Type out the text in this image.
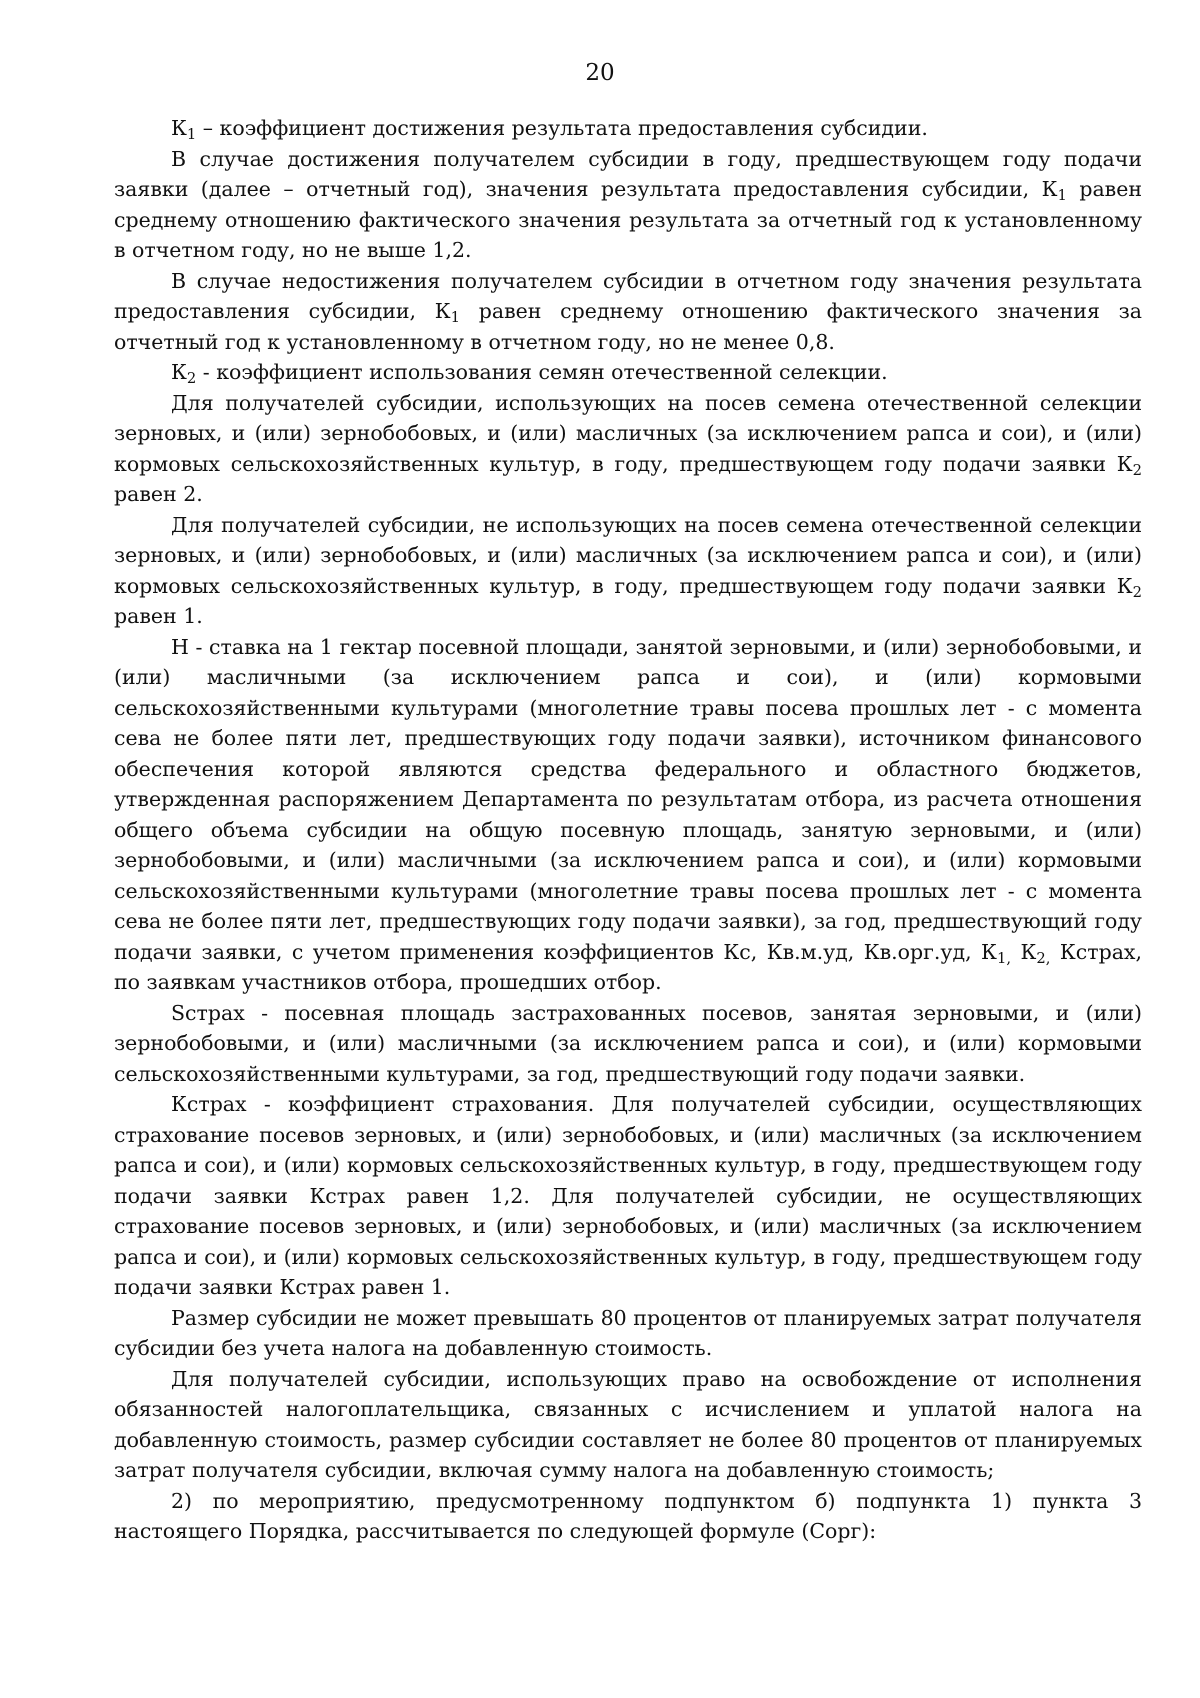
20

$К_1$ – коэффициент достижения результата предоставления субсидии.

В случае достижения получателем субсидии в году, предшествующем году подачи заявки (далее – отчетный год), значения результата предоставления субсидии, $К_1$ равен среднему отношению фактического значения результата за отчетный год к установленному в отчетном году, но не выше 1,2.

В случае недостижения получателем субсидии в отчетном году значения результата предоставления субсидии, $К_1$ равен среднему отношению фактического значения за отчетный год к установленному в отчетном году, но не менее 0,8.

$К_2$ - коэффициент использования семян отечественной селекции.

Для получателей субсидии, использующих на посев семена отечественной селекции зерновых, и (или) зернобобовых, и (или) масличных (за исключением рапса и сои), и (или) кормовых сельскохозяйственных культур, в году, предшествующем году подачи заявки $К_2$ равен 2.

Для получателей субсидии, не использующих на посев семена отечественной селекции зерновых, и (или) зернобобовых, и (или) масличных (за исключением рапса и сои), и (или) кормовых сельскохозяйственных культур, в году, предшествующем году подачи заявки $К_2$ равен 1.

Н - ставка на 1 гектар посевной площади, занятой зерновыми, и (или) зернобобовыми, и (или) масличными (за исключением рапса и сои), и (или) кормовыми сельскохозяйственными культурами (многолетние травы посева прошлых лет - с момента сева не более пяти лет, предшествующих году подачи заявки), источником финансового обеспечения которой являются средства федерального и областного бюджетов, утвержденная распоряжением Департамента по результатам отбора, из расчета отношения общего объема субсидии на общую посевную площадь, занятую зерновыми, и (или) зернобобовыми, и (или) масличными (за исключением рапса и сои), и (или) кормовыми сельскохозяйственными культурами (многолетние травы посева прошлых лет - с момента сева не более пяти лет, предшествующих году подачи заявки), за год, предшествующий году подачи заявки, с учетом применения коэффициентов Кс, Кв.м.уд, Кв.орг.уд, $К_{1,}$ $К_{2,}$ Кстрах, по заявкам участников отбора, прошедших отбор.

Sстрах - посевная площадь застрахованных посевов, занятая зерновыми, и (или) зернобобовыми, и (или) масличными (за исключением рапса и сои), и (или) кормовыми сельскохозяйственными культурами, за год, предшествующий году подачи заявки.

Кстрах - коэффициент страхования. Для получателей субсидии, осуществляющих страхование посевов зерновых, и (или) зернобобовых, и (или) масличных (за исключением рапса и сои), и (или) кормовых сельскохозяйственных культур, в году, предшествующем году подачи заявки Кстрах равен 1,2. Для получателей субсидии, не осуществляющих страхование посевов зерновых, и (или) зернобобовых, и (или) масличных (за исключением рапса и сои), и (или) кормовых сельскохозяйственных культур, в году, предшествующем году подачи заявки Кстрах равен 1.

Размер субсидии не может превышать 80 процентов от планируемых затрат получателя субсидии без учета налога на добавленную стоимость.

Для получателей субсидии, использующих право на освобождение от исполнения обязанностей налогоплательщика, связанных с исчислением и уплатой налога на добавленную стоимость, размер субсидии составляет не более 80 процентов от планируемых затрат получателя субсидии, включая сумму налога на добавленную стоимость;

2) по мероприятию, предусмотренному подпунктом б) подпункта 1) пункта 3 настоящего Порядка, рассчитывается по следующей формуле (Сорг):
